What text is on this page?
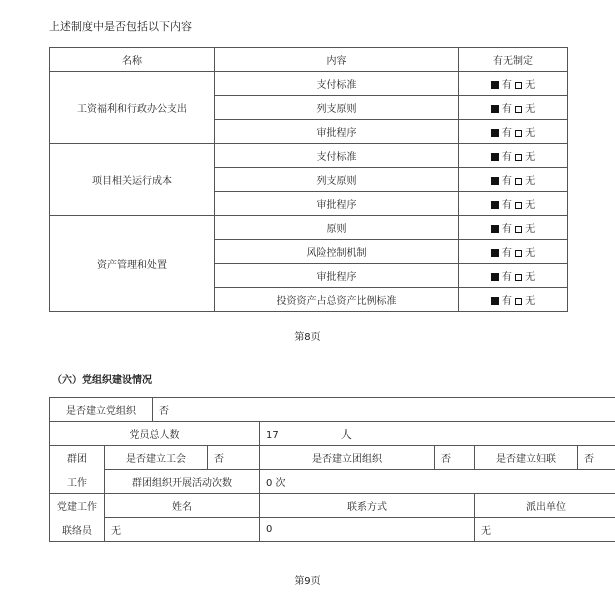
上述制度中是否包括以下内容
名称	内容	有无制定
工资福利和行政办公支出	支付标准	有 无
	列支原则	有 无
	审批程序	有 无
项目相关运行成本	支付标准	有 无
	列支原则	有 无
	审批程序	有 无
资产管理和处置	原则	有 无
	风险控制机制	有 无
	审批程序	有 无
	投资资产占总资产比例标准	有 无
第8页
（六）党组织建设情况
是否建立党组织		否					
党员总人数				17 人			
群团	是否建立工会		否	是否建立团组织	否	是否建立妇联	否
工作	群团组织开展活动次数			0 次			
党建工作	姓名			联系方式		派出单位	
联络员	无			0		无	
第9页
